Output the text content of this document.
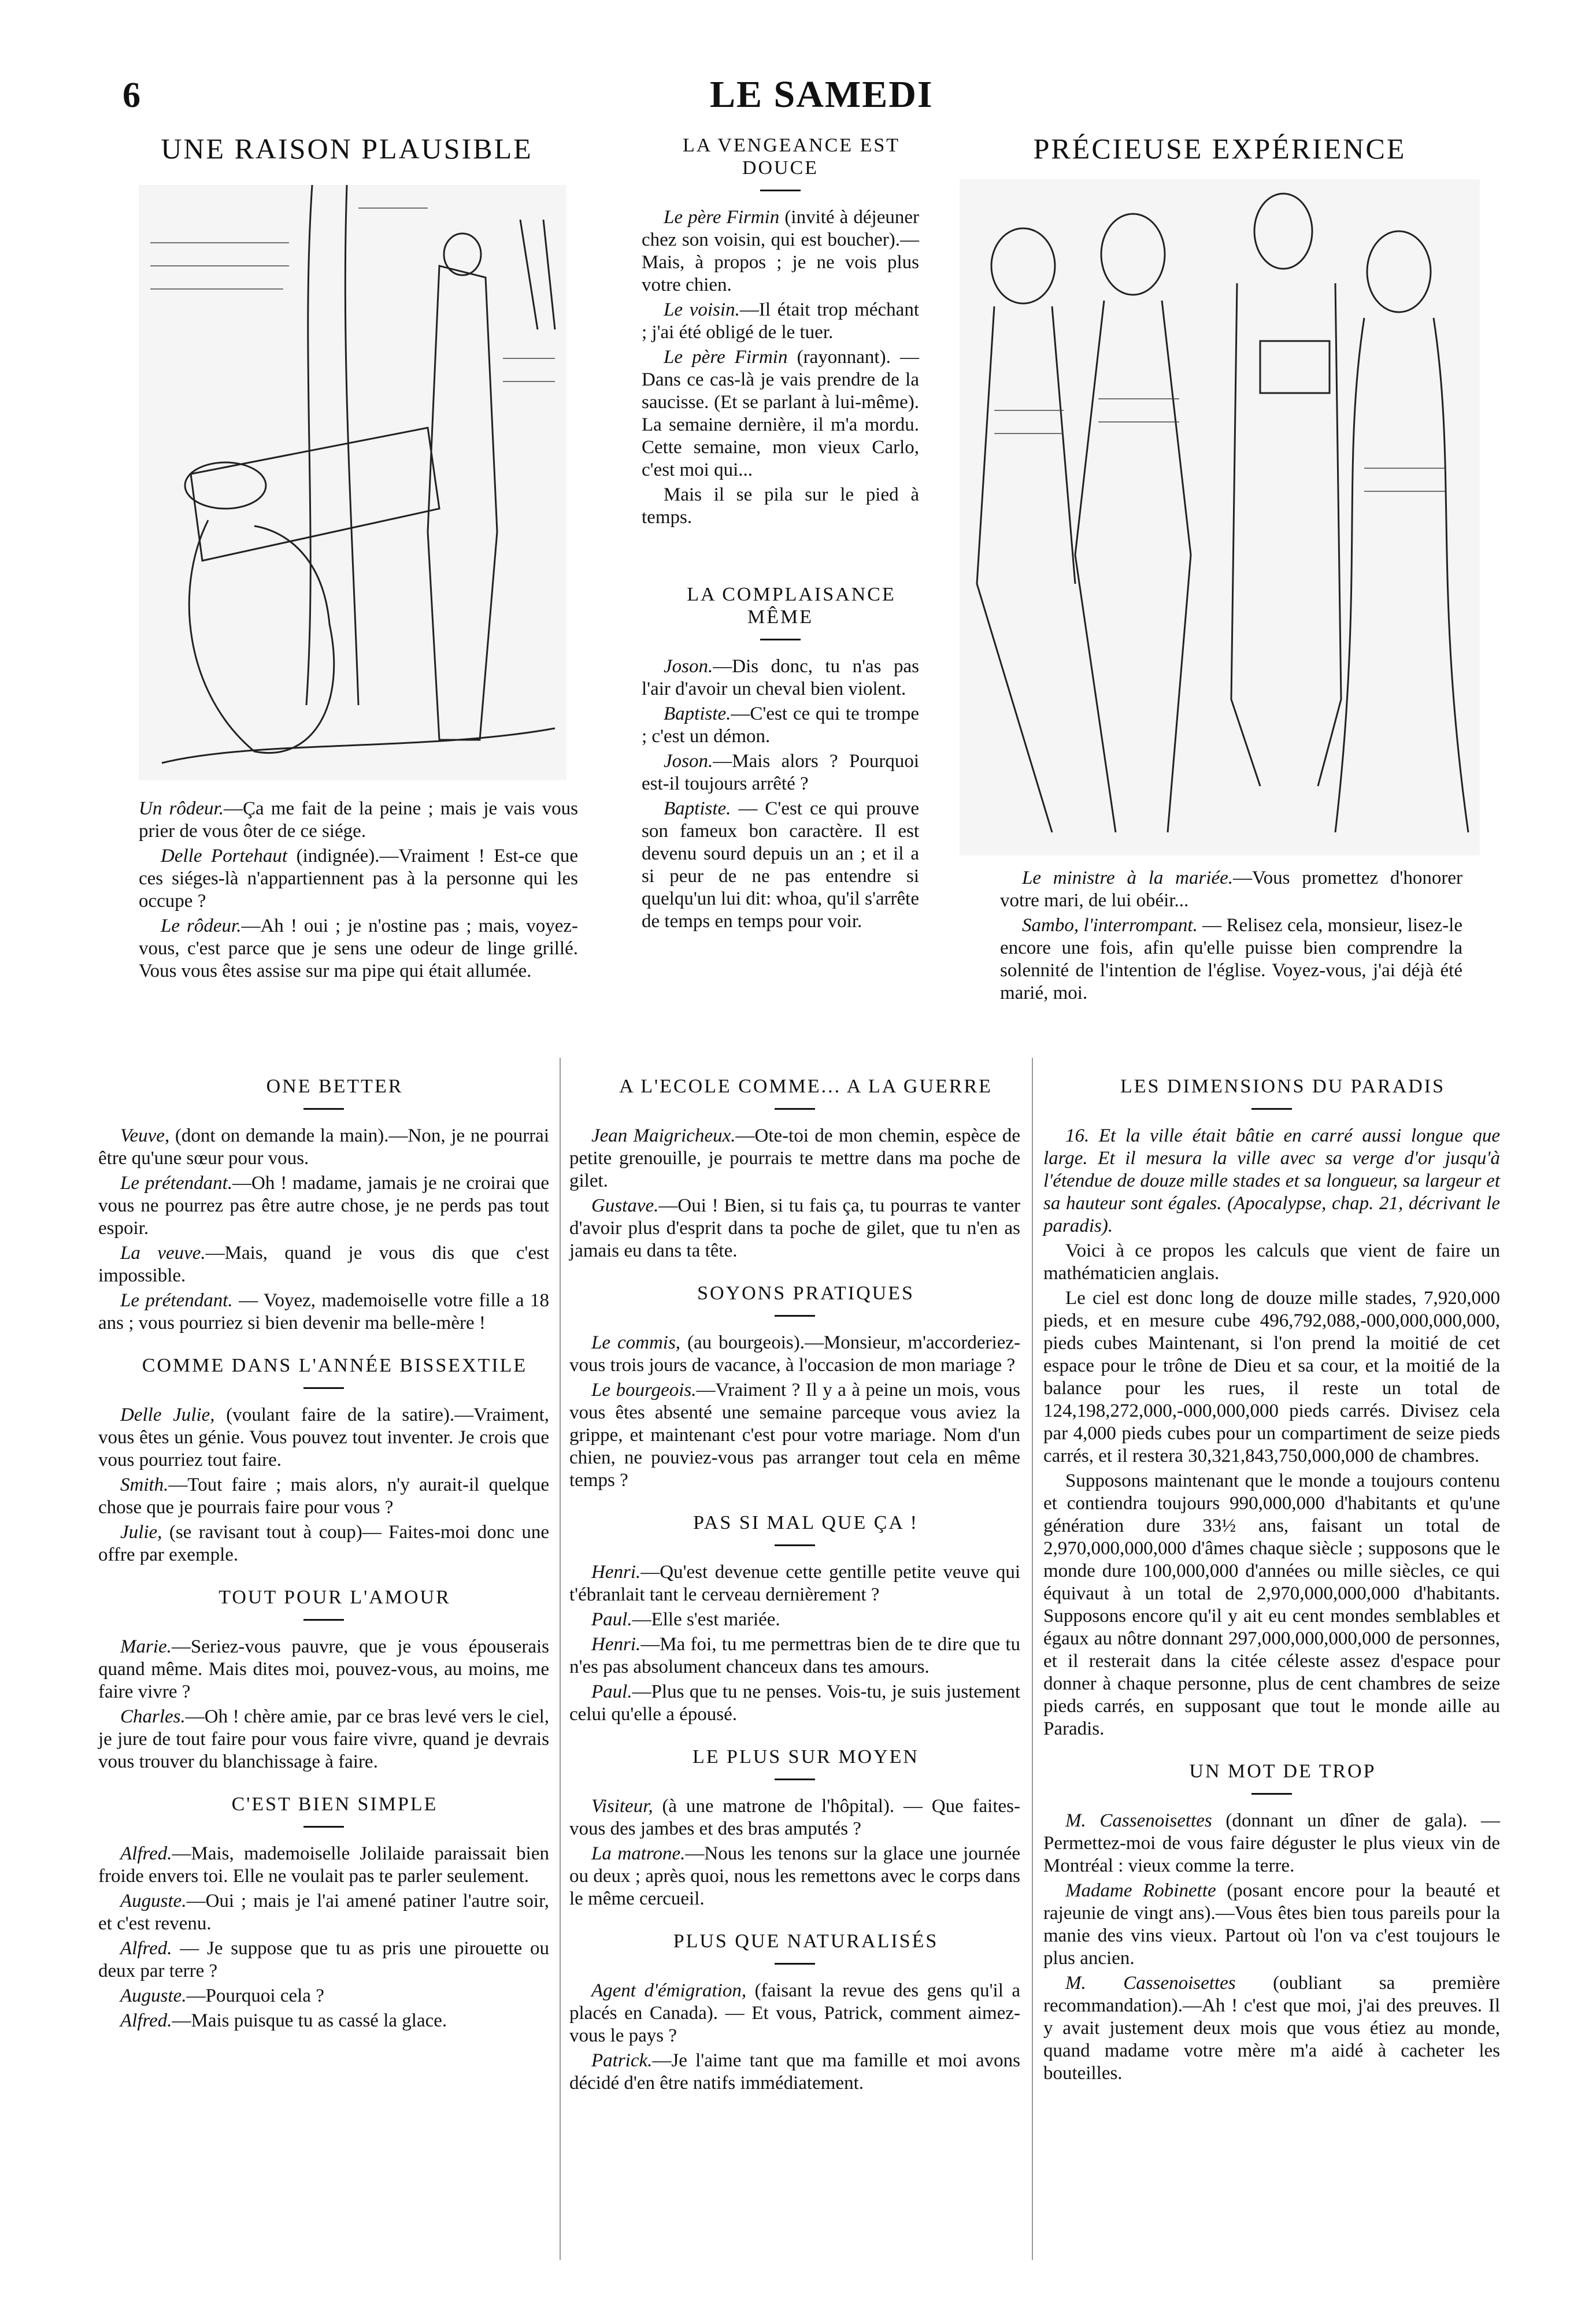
6	LE SAMEDI
UNE RAISON PLAUSIBLE

Un rôdeur.—Ça me fait de la peine ; mais je vais vous prier de vous ôter de ce siége.

Delle Portehaut (indignée).—Vraiment ! Est-ce que ces siéges-là n'appartiennent pas à la personne qui les occupe ?

Le rôdeur.—Ah ! oui ; je n'ostine pas ; mais, voyez-vous, c'est parce que je sens une odeur de linge grillé. Vous vous êtes assise sur ma pipe qui était allumée.

LA VENGEANCE EST DOUCE

Le père Firmin (invité à déjeuner chez son voisin, qui est boucher).—Mais, à propos ; je ne vois plus votre chien.

Le voisin.—Il était trop méchant ; j'ai été obligé de le tuer.

Le père Firmin (rayonnant). —Dans ce cas-là je vais prendre de la saucisse. (Et se parlant à lui-même). La semaine dernière, il m'a mordu. Cette semaine, mon vieux Carlo, c'est moi qui...

Mais il se pila sur le pied à temps.

LA COMPLAISANCE MÊME

Joson.—Dis donc, tu n'as pas l'air d'avoir un cheval bien violent.

Baptiste.—C'est ce qui te trompe ; c'est un démon.

Joson.—Mais alors ? Pourquoi est-il toujours arrêté ?

Baptiste. — C'est ce qui prouve son fameux bon caractère. Il est devenu sourd depuis un an ; et il a si peur de ne pas entendre si quelqu'un lui dit: whoa, qu'il s'arrête de temps en temps pour voir.

PRÉCIEUSE EXPÉRIENCE

Le ministre à la mariée.—Vous promettez d'honorer votre mari, de lui obéir...

Sambo, l'interrompant. — Relisez cela, monsieur, lisez-le encore une fois, afin qu'elle puisse bien comprendre la solennité de l'intention de l'église. Voyez-vous, j'ai déjà été marié, moi.

ONE BETTER

Veuve, (dont on demande la main).—Non, je ne pourrai être qu'une sœur pour vous.

Le prétendant.—Oh ! madame, jamais je ne croirai que vous ne pourrez pas être autre chose, je ne perds pas tout espoir.

La veuve.—Mais, quand je vous dis que c'est impossible.

Le prétendant. — Voyez, mademoiselle votre fille a 18 ans ; vous pourriez si bien devenir ma belle-mère !

COMME DANS L'ANNÉE BISSEXTILE

Delle Julie, (voulant faire de la satire).—Vraiment, vous êtes un génie. Vous pouvez tout inventer. Je crois que vous pourriez tout faire.

Smith.—Tout faire ; mais alors, n'y aurait-il quelque chose que je pourrais faire pour vous ?

Julie, (se ravisant tout à coup)— Faites-moi donc une offre par exemple.

TOUT POUR L'AMOUR

Marie.—Seriez-vous pauvre, que je vous épouserais quand même. Mais dites moi, pouvez-vous, au moins, me faire vivre ?

Charles.—Oh ! chère amie, par ce bras levé vers le ciel, je jure de tout faire pour vous faire vivre, quand je devrais vous trouver du blanchissage à faire.

C'EST BIEN SIMPLE

Alfred.—Mais, mademoiselle Jolilaide paraissait bien froide envers toi. Elle ne voulait pas te parler seulement.

Auguste.—Oui ; mais je l'ai amené patiner l'autre soir, et c'est revenu.

Alfred. — Je suppose que tu as pris une pirouette ou deux par terre ?

Auguste.—Pourquoi cela ?

Alfred.—Mais puisque tu as cassé la glace.

A L'ECOLE COMME... A LA GUERRE

Jean Maigricheux.—Ote-toi de mon chemin, espèce de petite grenouille, je pourrais te mettre dans ma poche de gilet.

Gustave.—Oui ! Bien, si tu fais ça, tu pourras te vanter d'avoir plus d'esprit dans ta poche de gilet, que tu n'en as jamais eu dans ta tête.

SOYONS PRATIQUES

Le commis, (au bourgeois).—Monsieur, m'accorderiez-vous trois jours de vacance, à l'occasion de mon mariage ?

Le bourgeois.—Vraiment ? Il y a à peine un mois, vous vous êtes absenté une semaine parceque vous aviez la grippe, et maintenant c'est pour votre mariage. Nom d'un chien, ne pouviez-vous pas arranger tout cela en même temps ?

PAS SI MAL QUE ÇA !

Henri.—Qu'est devenue cette gentille petite veuve qui t'ébranlait tant le cerveau dernièrement ?

Paul.—Elle s'est mariée.

Henri.—Ma foi, tu me permettras bien de te dire que tu n'es pas absolument chanceux dans tes amours.

Paul.—Plus que tu ne penses. Vois-tu, je suis justement celui qu'elle a épousé.

LE PLUS SUR MOYEN

Visiteur, (à une matrone de l'hôpital). — Que faites-vous des jambes et des bras amputés ?

La matrone.—Nous les tenons sur la glace une journée ou deux ; après quoi, nous les remettons avec le corps dans le même cercueil.

PLUS QUE NATURALISÉS

Agent d'émigration, (faisant la revue des gens qu'il a placés en Canada). — Et vous, Patrick, comment aimez-vous le pays ?

Patrick.—Je l'aime tant que ma famille et moi avons décidé d'en être natifs immédiatement.

LES DIMENSIONS DU PARADIS

16. Et la ville était bâtie en carré aussi longue que large. Et il mesura la ville avec sa verge d'or jusqu'à l'étendue de douze mille stades et sa longueur, sa largeur et sa hauteur sont égales. (Apocalypse, chap. 21, décrivant le paradis).

Voici à ce propos les calculs que vient de faire un mathématicien anglais.

Le ciel est donc long de douze mille stades, 7,920,000 pieds, et en mesure cube 496,792,088,-000,000,000,000, pieds cubes Maintenant, si l'on prend la moitié de cet espace pour le trône de Dieu et sa cour, et la moitié de la balance pour les rues, il reste un total de 124,198,272,000,-000,000,000 pieds carrés. Divisez cela par 4,000 pieds cubes pour un compartiment de seize pieds carrés, et il restera 30,321,843,750,000,000 de chambres.

Supposons maintenant que le monde a toujours contenu et contiendra toujours 990,000,000 d'habitants et qu'une génération dure 33½ ans, faisant un total de 2,970,000,000,000 d'âmes chaque siècle ; supposons que le monde dure 100,000,000 d'années ou mille siècles, ce qui équivaut à un total de 2,970,000,000,000 d'habitants. Supposons encore qu'il y ait eu cent mondes semblables et égaux au nôtre donnant 297,000,000,000,000 de personnes, et il resterait dans la citée céleste assez d'espace pour donner à chaque personne, plus de cent chambres de seize pieds carrés, en supposant que tout le monde aille au Paradis.

UN MOT DE TROP

M. Cassenoisettes (donnant un dîner de gala). —Permettez-moi de vous faire déguster le plus vieux vin de Montréal : vieux comme la terre.

Madame Robinette (posant encore pour la beauté et rajeunie de vingt ans).—Vous êtes bien tous pareils pour la manie des vins vieux. Partout où l'on va c'est toujours le plus ancien.

M. Cassenoisettes (oubliant sa première recommandation).—Ah ! c'est que moi, j'ai des preuves. Il y avait justement deux mois que vous étiez au monde, quand madame votre mère m'a aidé à cacheter les bouteilles.
